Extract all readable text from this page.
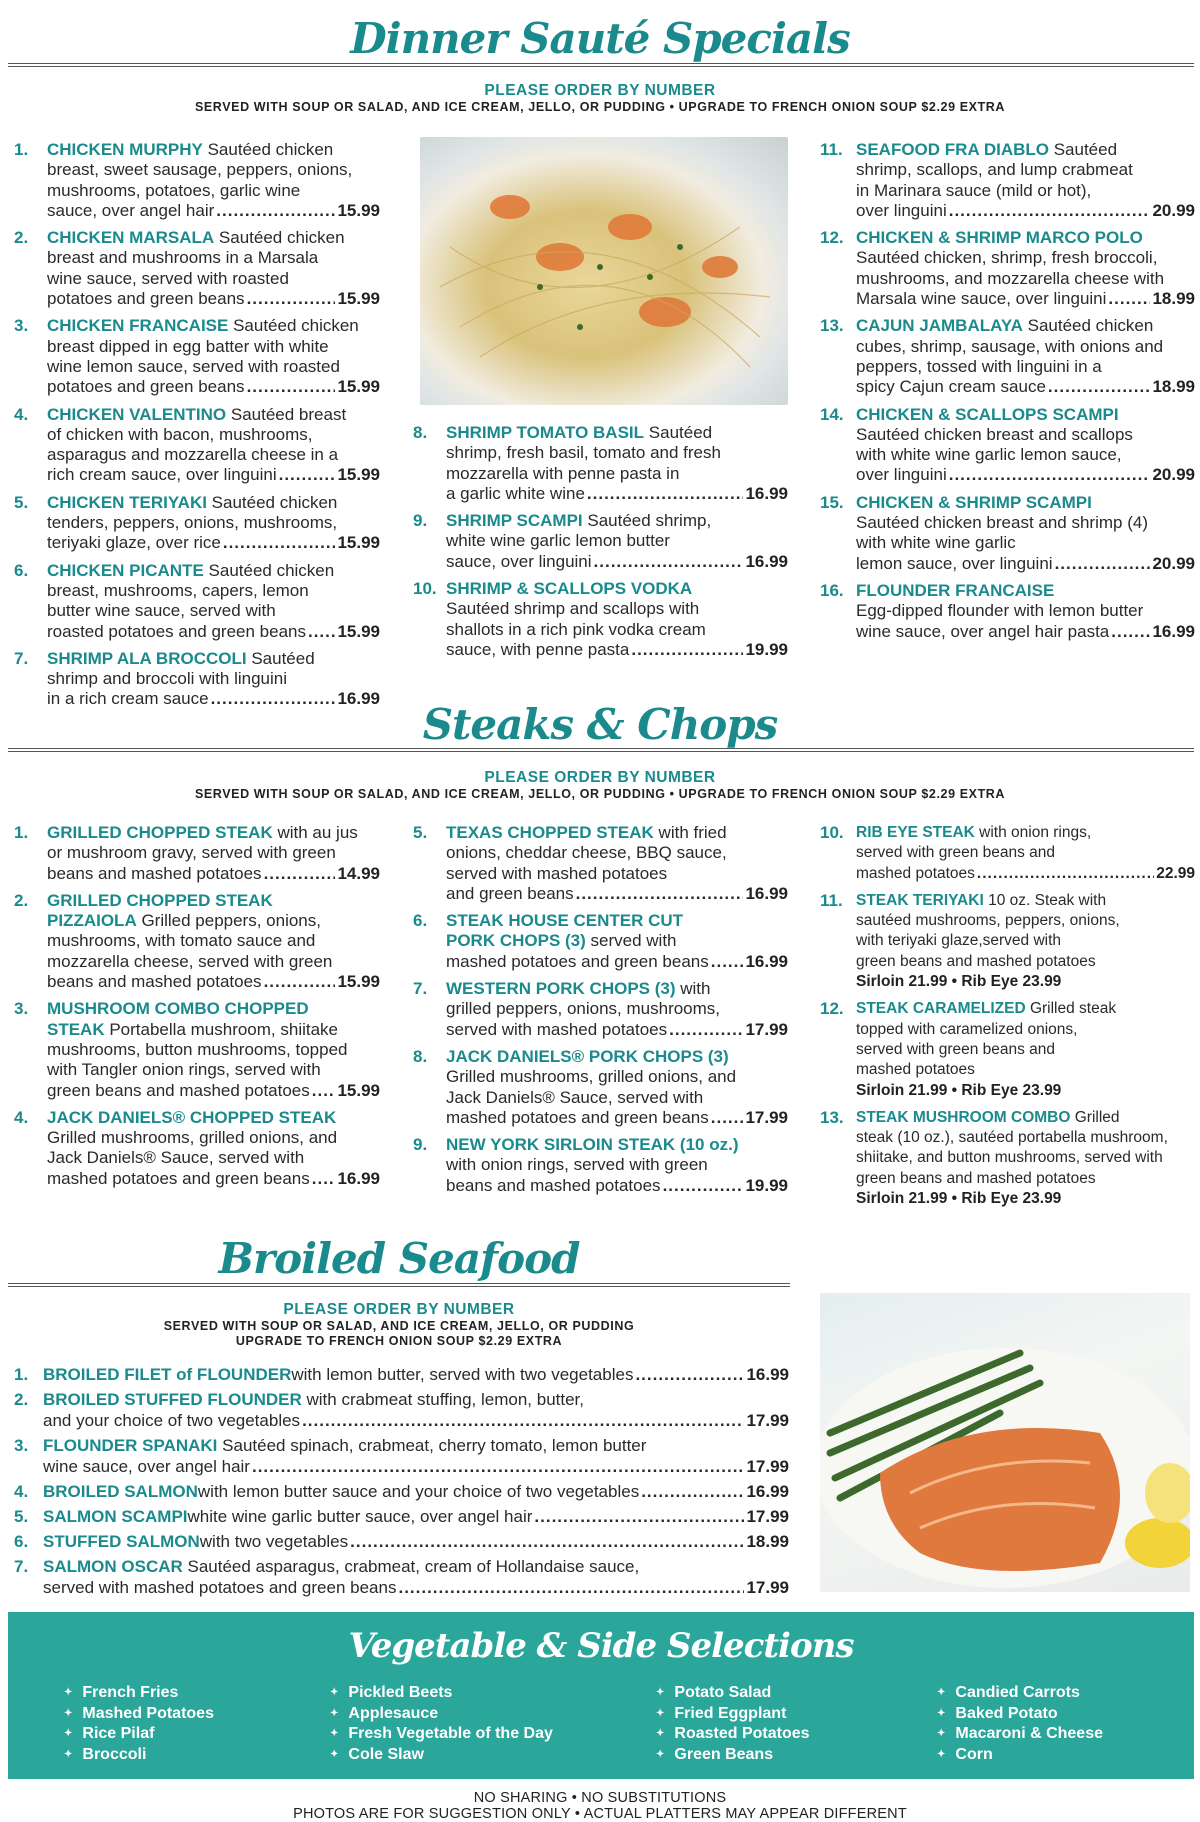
Dinner Sauté Specials
PLEASE ORDER BY NUMBER
SERVED WITH SOUP OR SALAD, AND ICE CREAM, JELLO, OR PUDDING • UPGRADE TO FRENCH ONION SOUP $2.29 EXTRA
1. CHICKEN MURPHY Sautéed chicken
breast, sweet sausage, peppers, onions,
mushrooms, potatoes, garlic wine
sauce, over angel hair .....	15.99
2. CHICKEN MARSALA Sautéed chicken
breast and mushrooms in a Marsala
wine sauce, served with roasted
potatoes and green beans .....	15.99
3. CHICKEN FRANCAISE Sautéed chicken
breast dipped in egg batter with white
wine lemon sauce, served with roasted
potatoes and green beans .....	15.99
4. CHICKEN VALENTINO Sautéed breast
of chicken with bacon, mushrooms,
asparagus and mozzarella cheese in a
rich cream sauce, over linguini .....	15.99
5. CHICKEN TERIYAKI Sautéed chicken
tenders, peppers, onions, mushrooms,
teriyaki glaze, over rice .....	15.99
6. CHICKEN PICANTE Sautéed chicken
breast, mushrooms, capers, lemon
butter wine sauce, served with
roasted potatoes and green beans ..... 15.99
7. SHRIMP ALA BROCCOLI Sautéed
shrimp and broccoli with linguini
in a rich cream sauce .....	16.99
8. SHRIMP TOMATO BASIL Sautéed
shrimp, fresh basil, tomato and fresh
mozzarella with penne pasta in
a garlic white wine .....	16.99
9. SHRIMP SCAMPI Sautéed shrimp,
white wine garlic lemon butter
sauce, over linguini .....	16.99
10. SHRIMP & SCALLOPS VODKA
Sautéed shrimp and scallops with
shallots in a rich pink vodka cream
sauce, with penne pasta .....	19.99
11. SEAFOOD FRA DIABLO Sautéed
shrimp, scallops, and lump crabmeat
in Marinara sauce (mild or hot),
over linguini .....	20.99
12. CHICKEN & SHRIMP MARCO POLO
Sautéed chicken, shrimp, fresh broccoli,
mushrooms, and mozzarella cheese with
Marsala wine sauce, over linguini .....	18.99
13. CAJUN JAMBALAYA Sautéed chicken
cubes, shrimp, sausage, with onions and
peppers, tossed with linguini in a
spicy Cajun cream sauce .....	18.99
14. CHICKEN & SCALLOPS SCAMPI
Sautéed chicken breast and scallops
with white wine garlic lemon sauce,
over linguini .....	20.99
15. CHICKEN & SHRIMP SCAMPI
Sautéed chicken breast and shrimp (4)
with white wine garlic
lemon sauce, over linguini .....	20.99
16. FLOUNDER FRANCAISE
Egg-dipped flounder with lemon butter
wine sauce, over angel hair pasta .....	16.99
Steaks & Chops
PLEASE ORDER BY NUMBER
SERVED WITH SOUP OR SALAD, AND ICE CREAM, JELLO, OR PUDDING • UPGRADE TO FRENCH ONION SOUP $2.29 EXTRA
1. GRILLED CHOPPED STEAK with au jus
or mushroom gravy, served with green
beans and mashed potatoes .....	14.99
2. GRILLED CHOPPED STEAK
PIZZAIOLA Grilled peppers, onions,
mushrooms, with tomato sauce and
mozzarella cheese, served with green
beans and mashed potatoes .....	15.99
3. MUSHROOM COMBO CHOPPED
STEAK Portabella mushroom, shiitake
mushrooms, button mushrooms, topped
with Tangler onion rings, served with
green beans and mashed potatoes ..... 15.99
4. JACK DANIELS® CHOPPED STEAK
Grilled mushrooms, grilled onions, and
Jack Daniels® Sauce, served with
mashed potatoes and green beans ..... 16.99
5. TEXAS CHOPPED STEAK with fried
onions, cheddar cheese, BBQ sauce,
served with mashed potatoes
and green beans .....	16.99
6. STEAK HOUSE CENTER CUT
PORK CHOPS (3) served with
mashed potatoes and green beans ..... 16.99
7. WESTERN PORK CHOPS (3) with
grilled peppers, onions, mushrooms,
served with mashed potatoes .....	17.99
8. JACK DANIELS® PORK CHOPS (3)
Grilled mushrooms, grilled onions, and
Jack Daniels® Sauce, served with
mashed potatoes and green beans ..... 17.99
9. NEW YORK SIRLOIN STEAK (10 oz.)
with onion rings, served with green
beans and mashed potatoes .....	19.99
10. RIB EYE STEAK with onion rings,
served with green beans and
mashed potatoes .....	22.99
11. STEAK TERIYAKI 10 oz. Steak with
sautéed mushrooms, peppers, onions,
with teriyaki glaze,served with
green beans and mashed potatoes
Sirloin 21.99 • Rib Eye 23.99
12. STEAK CARAMELIZED Grilled steak
topped with caramelized onions,
served with green beans and
mashed potatoes
Sirloin 21.99 • Rib Eye 23.99
13. STEAK MUSHROOM COMBO Grilled
steak (10 oz.), sautéed portabella mushroom,
shiitake, and button mushrooms, served with
green beans and mashed potatoes
Sirloin 21.99 • Rib Eye 23.99
Broiled Seafood
PLEASE ORDER BY NUMBER
SERVED WITH SOUP OR SALAD, AND ICE CREAM, JELLO, OR PUDDING
UPGRADE TO FRENCH ONION SOUP $2.29 EXTRA
1. BROILED FILET of FLOUNDER with lemon butter, served with two vegetables .....	16.99
2. BROILED STUFFED FLOUNDER with crabmeat stuffing, lemon, butter,
and your choice of two vegetables .....	17.99
3. FLOUNDER SPANAKI Sautéed spinach, crabmeat, cherry tomato, lemon butter
wine sauce, over angel hair .....	17.99
4. BROILED SALMON with lemon butter sauce and your choice of two vegetables .....	16.99
5. SALMON SCAMPI white wine garlic butter sauce, over angel hair .....	17.99
6. STUFFED SALMON with two vegetables .....	18.99
7. SALMON OSCAR Sautéed asparagus, crabmeat, cream of Hollandaise sauce,
served with mashed potatoes and green beans .....	17.99
Vegetable & Side Selections
✦ French Fries
✦ Mashed Potatoes
✦ Rice Pilaf
✦ Broccoli
✦ Pickled Beets
✦ Applesauce
✦ Fresh Vegetable of the Day
✦ Cole Slaw
✦ Potato Salad
✦ Fried Eggplant
✦ Roasted Potatoes
✦ Green Beans
✦ Candied Carrots
✦ Baked Potato
✦ Macaroni & Cheese
✦ Corn
NO SHARING • NO SUBSTITUTIONS
PHOTOS ARE FOR SUGGESTION ONLY • ACTUAL PLATTERS MAY APPEAR DIFFERENT
